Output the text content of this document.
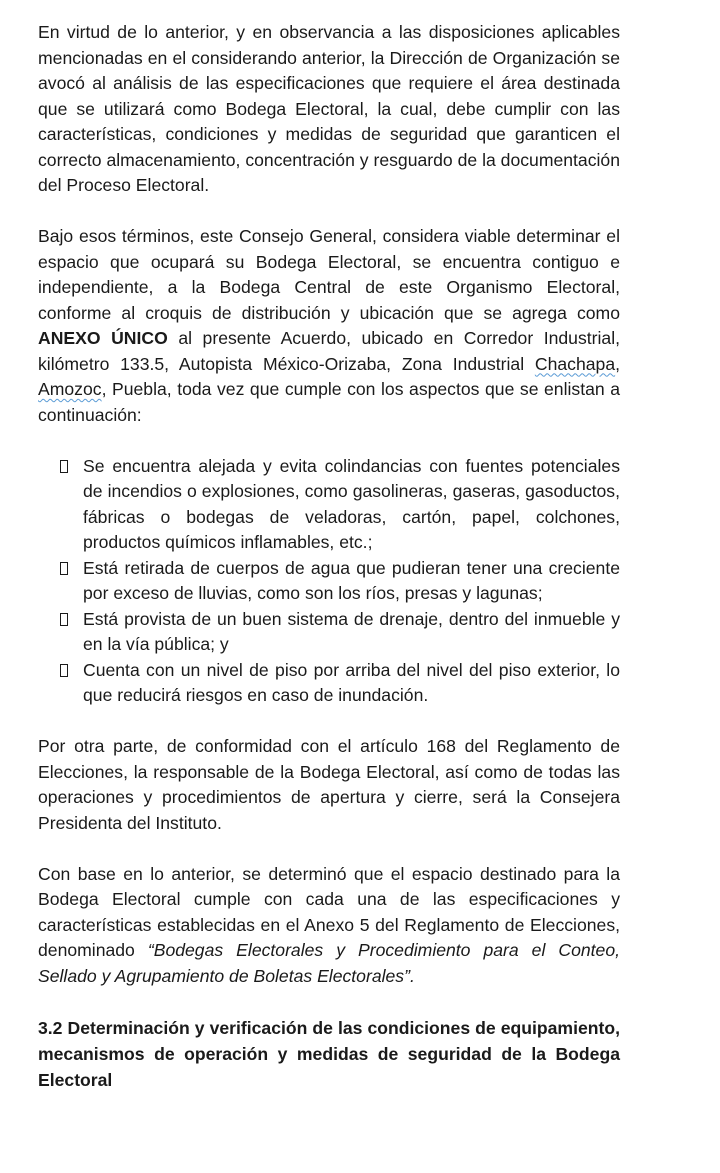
En virtud de lo anterior, y en observancia a las disposiciones aplicables mencionadas en el considerando anterior, la Dirección de Organización se avocó al análisis de las especificaciones que requiere el área destinada que se utilizará como Bodega Electoral, la cual, debe cumplir con las características, condiciones y medidas de seguridad que garanticen el correcto almacenamiento, concentración y resguardo de la documentación del Proceso Electoral.

Bajo esos términos, este Consejo General, considera viable determinar el espacio que ocupará su Bodega Electoral, se encuentra contiguo e independiente, a la Bodega Central de este Organismo Electoral, conforme al croquis de distribución y ubicación que se agrega como ANEXO ÚNICO al presente Acuerdo, ubicado en Corredor Industrial, kilómetro 133.5, Autopista México-Orizaba, Zona Industrial Chachapa, Amozoc, Puebla, toda vez que cumple con los aspectos que se enlistan a continuación:

Se encuentra alejada y evita colindancias con fuentes potenciales de incendios o explosiones, como gasolineras, gaseras, gasoductos, fábricas o bodegas de veladoras, cartón, papel, colchones, productos químicos inflamables, etc.;
Está retirada de cuerpos de agua que pudieran tener una creciente por exceso de lluvias, como son los ríos, presas y lagunas;
Está provista de un buen sistema de drenaje, dentro del inmueble y en la vía pública; y
Cuenta con un nivel de piso por arriba del nivel del piso exterior, lo que reducirá riesgos en caso de inundación.

Por otra parte, de conformidad con el artículo 168 del Reglamento de Elecciones, la responsable de la Bodega Electoral, así como de todas las operaciones y procedimientos de apertura y cierre, será la Consejera Presidenta del Instituto.

Con base en lo anterior, se determinó que el espacio destinado para la Bodega Electoral cumple con cada una de las especificaciones y características establecidas en el Anexo 5 del Reglamento de Elecciones, denominado “Bodegas Electorales y Procedimiento para el Conteo, Sellado y Agrupamiento de Boletas Electorales”.

3.2 Determinación y verificación de las condiciones de equipamiento, mecanismos de operación y medidas de seguridad de la Bodega Electoral
